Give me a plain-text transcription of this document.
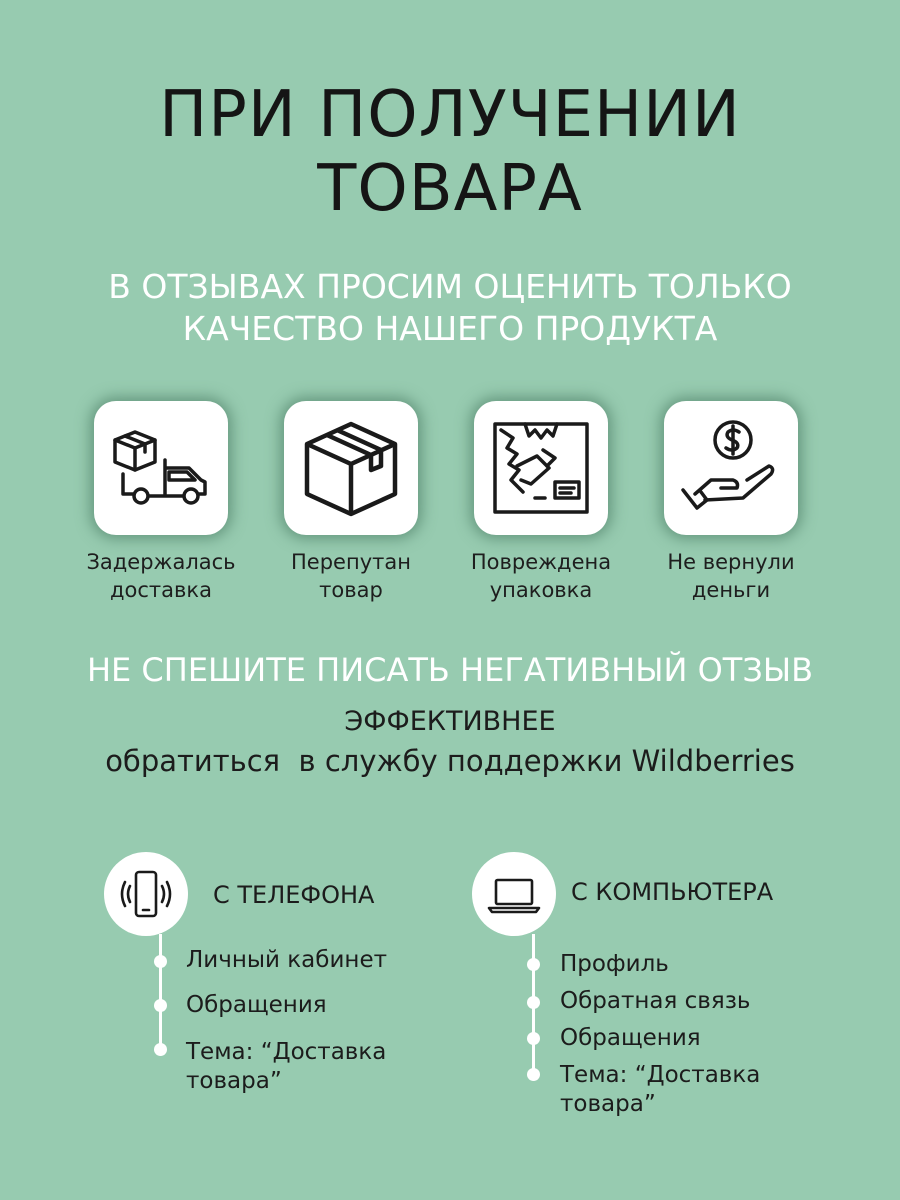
ПРИ ПОЛУЧЕНИИ
ТОВАРА
В ОТЗЫВАХ ПРОСИМ ОЦЕНИТЬ ТОЛЬКО
КАЧЕСТВО НАШЕГО ПРОДУКТА
Задержалась
доставка
Перепутан
товар
Повреждена
упаковка
Не вернули
деньги
НЕ СПЕШИТЕ ПИСАТЬ НЕГАТИВНЫЙ ОТЗЫВ
ЭФФЕКТИВНЕЕ
обратиться  в службу поддержки Wildberries
С ТЕЛЕФОНА
Личный кабинет
Обращения
Тема: “Доставка
товара”
С КОМПЬЮТЕРА
Профиль
Обратная связь
Обращения
Тема: “Доставка
товара”
